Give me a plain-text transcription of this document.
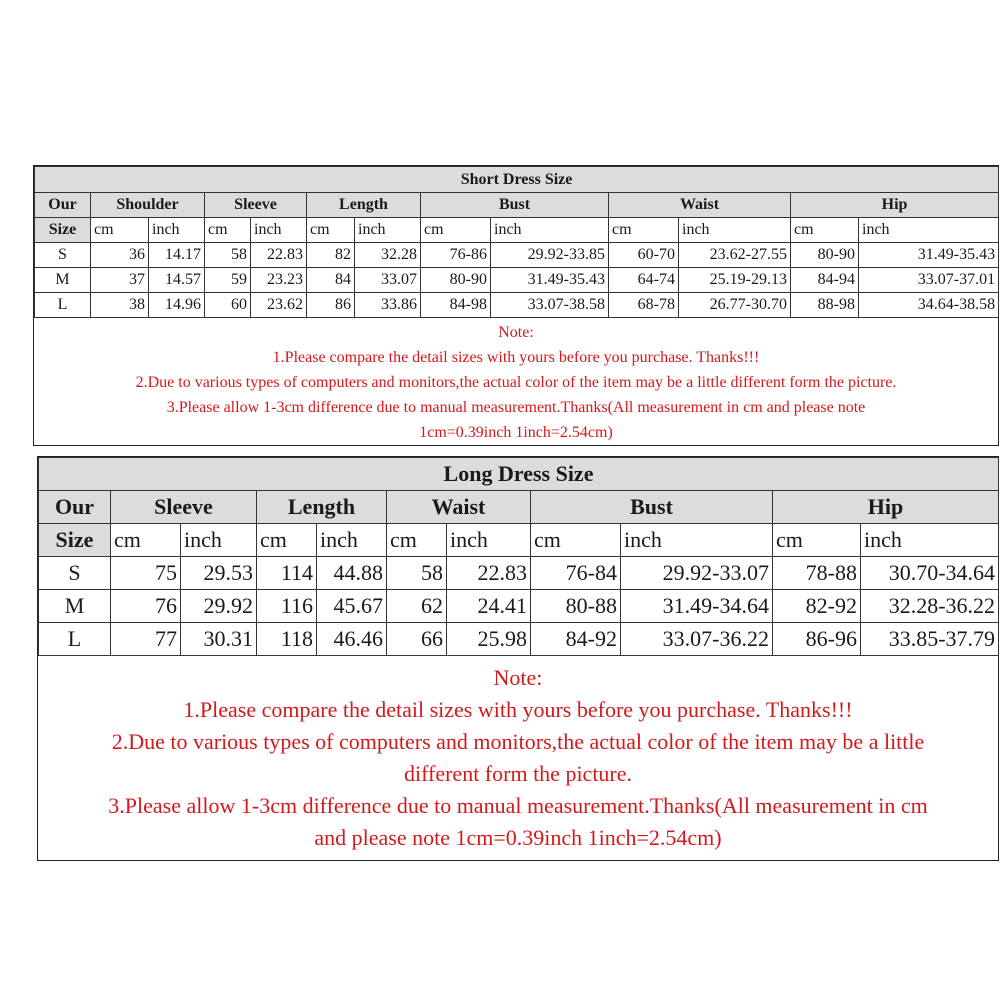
Short Dress Size												
Our	Shoulder		Sleeve		Length		Bust		Waist		Hip	
Size	cm	inch	cm	inch	cm	inch	cm	inch	cm	inch	cm	inch
S	36	14.17	58	22.83	82	32.28	76-86	29.92-33.85	60-70	23.62-27.55	80-90	31.49-35.43
M	37	14.57	59	23.23	84	33.07	80-90	31.49-35.43	64-74	25.19-29.13	84-94	33.07-37.01
L	38	14.96	60	23.62	86	33.86	84-98	33.07-38.58	68-78	26.77-30.70	88-98	34.64-38.58
Note:
1.Please compare the detail sizes with yours before you purchase. Thanks!!!
2.Due to various types of computers and monitors,the actual color of the item may be a little different form the picture.
3.Please allow 1-3cm difference due to manual measurement.Thanks(All measurement in cm and please note
1cm=0.39inch 1inch=2.54cm)
Long Dress Size										
Our	Sleeve		Length		Waist		Bust		Hip	
Size	cm	inch	cm	inch	cm	inch	cm	inch	cm	inch
S	75	29.53	114	44.88	58	22.83	76-84	29.92-33.07	78-88	30.70-34.64
M	76	29.92	116	45.67	62	24.41	80-88	31.49-34.64	82-92	32.28-36.22
L	77	30.31	118	46.46	66	25.98	84-92	33.07-36.22	86-96	33.85-37.79
Note:
1.Please compare the detail sizes with yours before you purchase. Thanks!!!
2.Due to various types of computers and monitors,the actual color of the item may be a little
different form the picture.
3.Please allow 1-3cm difference due to manual measurement.Thanks(All measurement in cm
and please note 1cm=0.39inch 1inch=2.54cm)
